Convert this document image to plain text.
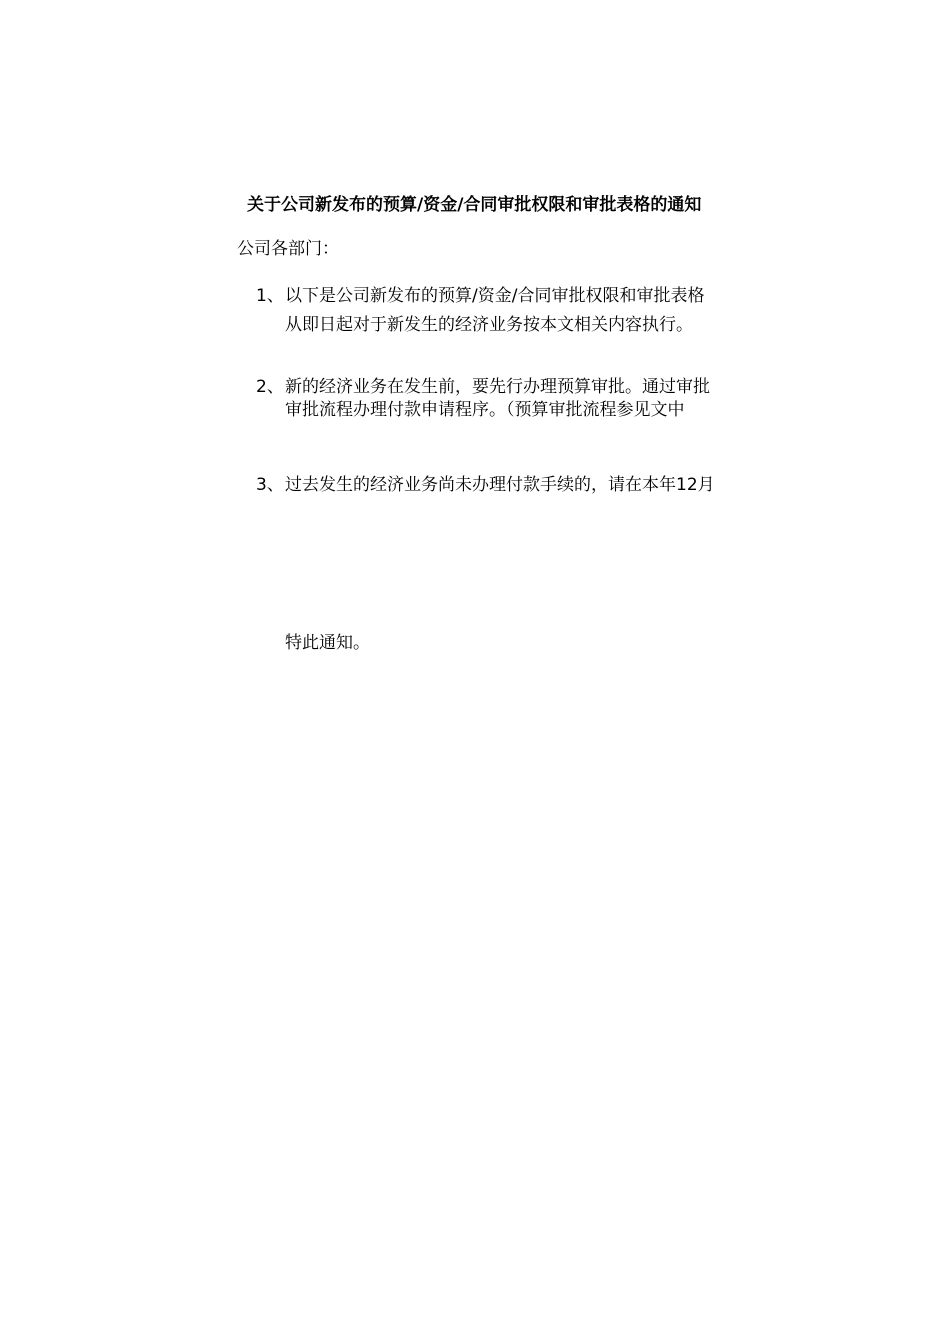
关于公司新发布的预算/资金/合同审批权限和审批表格的通知
公司各部门：
1、 以下是公司新发布的预算/资金/合同审批权限和审批表格
从即日起对于新发生的经济业务按本文相关内容执行。
2、 新的经济业务在发生前，要先行办理预算审批。通过审批
审批流程办理付款申请程序。（预算审批流程参见文中
3、 过去发生的经济业务尚未办理付款手续的，请在本年12月
特此通知。
